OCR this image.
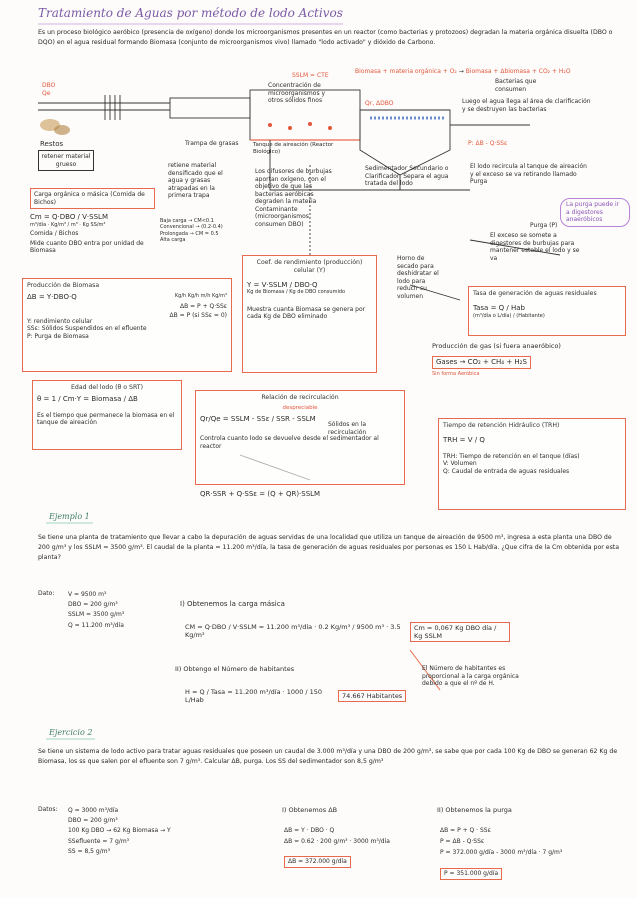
Tratamiento de Aguas por método de lodo Activos
Es un proceso biológico aeróbico (presencia de oxígeno) donde los microorganismos presentes en un reactor (como bacterias y protozoos) degradan la materia orgánica disuelta (DBO o DQO) en el agua residual formando Biomasa (conjunto de microorganismos vivo) llamado "lodo activado" y dióxido de Carbono.
Biomasa + materia orgánica + O₂ → Biomasa + Δbiomasa + CO₂ + H₂O
Bacterias que consumen
DBO
Qe
Restos
retener material grueso
Trampa de grasas
retiene material densificado que el agua y grasas atrapadas en la primera trapa
SSLM = CTE
Concentración de microorganismos y otros sólidos finos
Tanque de aireación (Reactor Biológico)
Los difusores de burbujas aportan oxígeno, con el objetivo de que las bacterias aeróbicas degraden la materia Contaminante (microorganismos consumen DBO)
Qr, ΔDBO
Sedimentador Secundario o Clarificador: Separa el agua tratada del lodo
Luego el agua llega al área de clarificación y se destruyen las bacterias
El lodo recircula al tanque de aireación y el exceso se va retirando llamado Purga
La purga puede ir a digestores anaeróbicos
Purga (P)
El exceso se somete a digestores de burbujas para mantener estable el lodo y se va
Horno de secado para deshidratar el lodo para reducir su volumen
P: ΔB - Q·SSε
Carga orgánica o másica (Comida de Bichos)
Cm = Q·DBO / V·SSLM
m³/día · Kg/m³ / m³ · Kg SS/m³
Comida / Bichos
Mide cuanto DBO entra por unidad de Biomasa
Baja carga → CM<0.1
Convencional → (0.2-0.4)
Prolongada → CM = 0.5
Alta carga
Producción de Biomasa
ΔB = Y·DBO·Q	Kg/h Kg/h m/h Kg/m³
ΔB = P + Q·SSε
ΔB = P (si SSε = 0)
Y: rendimiento celular
SSε: Sólidos Suspendidos en el efluente
P: Purga de Biomasa
Edad del lodo (θ o SRT)
θ = 1 / Cm·Y = Biomasa / ΔB
Es el tiempo que permanece la biomasa en el tanque de aireación
Coef. de rendimiento (producción) celular (Y)
Y = V·SSLM / DBO·Q
Kg de Biomasa / Kg de DBO consumido
Muestra cuanta Biomasa se genera por cada Kg de DBO eliminado
Relación de recirculación
despreciable
Qr/Qe = SSLM - SSε / SSR - SSLM
Sólidos en la recirculación
Controla cuanto lodo se devuelve desde el sedimentador al reactor
QR·SSR + Q·SSε = (Q + QR)·SSLM
Tasa de generación de aguas residuales
Tasa = Q / Hab
(m³/día o L/día) / (Habitante)
Producción de gas (si fuera anaeróbico)
Gases → CO₂ + CH₄ + H₂S
Sin forma Aeróbica
Tiempo de retención Hidráulico (TRH)
TRH = V / Q
TRH: Tiempo de retención en el tanque (días)
V: Volumen
Q: Caudal de entrada de aguas residuales
Ejemplo 1
Se tiene una planta de tratamiento que llevar a cabo la depuración de aguas servidas de una localidad que utiliza un tanque de aireación de 9500 m³, ingresa a esta planta una DBO de 200 g/m³ y los SSLM = 3500 g/m³. El caudal de la planta = 11.200 m³/día, la tasa de generación de aguas residuales por personas es 150 L Hab/día. ¿Que cifra de la Cm obtenida por esta planta?
Dato: V = 9500 m³
DBO = 200 g/m³
SSLM = 3500 g/m³
Q = 11.200 m³/día
I) Obtenemos la carga másica
CM = Q·DBO / V·SSLM = 11.200 m³/día · 0.2 Kg/m³ / 9500 m³ · 3.5 Kg/m³
Cm = 0,067 Kg DBO día / Kg SSLM
II) Obtengo el Número de habitantes
H = Q / Tasa = 11.200 m³/día · 1000 / 150 L/Hab
74.667 Habitantes
El Número de habitantes es proporcional a la carga orgánica debido a que el nº de H.
Ejercicio 2
Se tiene un sistema de lodo activo para tratar aguas residuales que poseen un caudal de 3.000 m³/día y una DBO de 200 g/m³, se sabe que por cada 100 Kg de DBO se generan 62 Kg de Biomasa, los ss que salen por el efluente son 7 g/m³. Calcular ΔB, purga. Los SS del sedimentador son 8,5 g/m³
Datos: Q = 3000 m³/día
DBO = 200 g/m³
100 Kg DBO → 62 Kg Biomasa → Y
SSefluente = 7 g/m³
SS = 8,5 g/m³
I) Obtenemos ΔB
ΔB = Y · DBO · Q
ΔB = 0.62 · 200 g/m³ · 3000 m³/día
ΔB = 372.000 g/día
II) Obtenemos la purga
ΔB = P + Q · SSε
P = ΔB - Q·SSε
P = 372.000 g/día - 3000 m³/día · 7 g/m³
P = 351.000 g/día
